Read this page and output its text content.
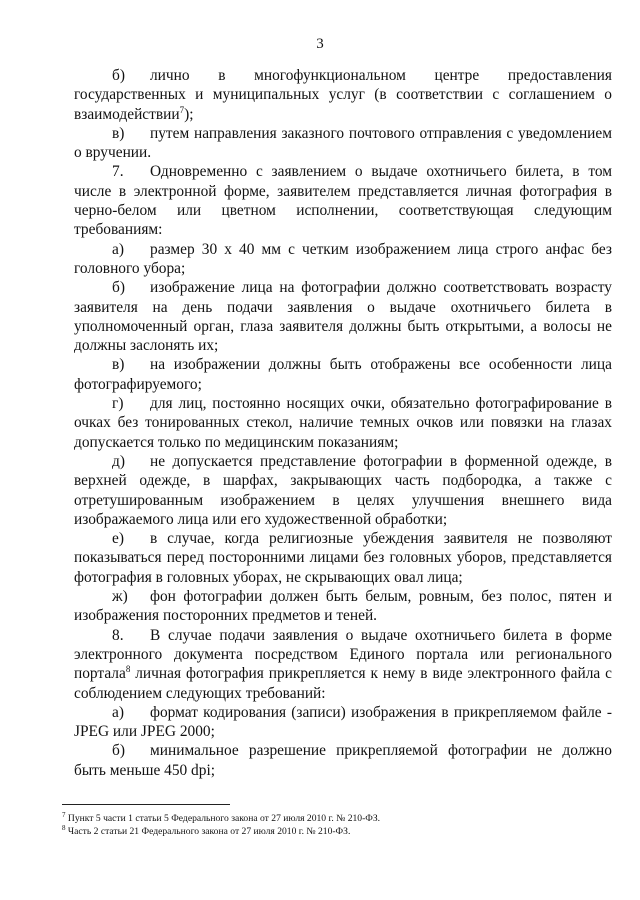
3

б) лично в многофункциональном центре предоставления государственных и муниципальных услуг (в соответствии с соглашением о взаимодействии$^7$);

в) путем направления заказного почтового отправления с уведомлением о вручении.

7. Одновременно с заявлением о выдаче охотничьего билета, в том числе в электронной форме, заявителем представляется личная фотография в черно-белом или цветном исполнении, соответствующая следующим требованиям:

а) размер 30 х 40 мм с четким изображением лица строго анфас без головного убора;

б) изображение лица на фотографии должно соответствовать возрасту заявителя на день подачи заявления о выдаче охотничьего билета в уполномоченный орган, глаза заявителя должны быть открытыми, а волосы не должны заслонять их;

в) на изображении должны быть отображены все особенности лица фотографируемого;

г) для лиц, постоянно носящих очки, обязательно фотографирование в очках без тонированных стекол, наличие темных очков или повязки на глазах допускается только по медицинским показаниям;

д) не допускается представление фотографии в форменной одежде, в верхней одежде, в шарфах, закрывающих часть подбородка, а также с отретушированным изображением в целях улучшения внешнего вида изображаемого лица или его художественной обработки;

е) в случае, когда религиозные убеждения заявителя не позволяют показываться перед посторонними лицами без головных уборов, представляется фотография в головных уборах, не скрывающих овал лица;

ж) фон фотографии должен быть белым, ровным, без полос, пятен и изображения посторонних предметов и теней.

8. В случае подачи заявления о выдаче охотничьего билета в форме электронного документа посредством Единого портала или регионального портала$^8$ личная фотография прикрепляется к нему в виде электронного файла с соблюдением следующих требований:

а) формат кодирования (записи) изображения в прикрепляемом файле - JPEG или JPEG 2000;

б) минимальное разрешение прикрепляемой фотографии не должно быть меньше 450 dpi;

$^7$ Пункт 5 части 1 статьи 5 Федерального закона от 27 июля 2010 г. № 210-ФЗ.

$^8$ Часть 2 статьи 21 Федерального закона от 27 июля 2010 г. № 210-ФЗ.
